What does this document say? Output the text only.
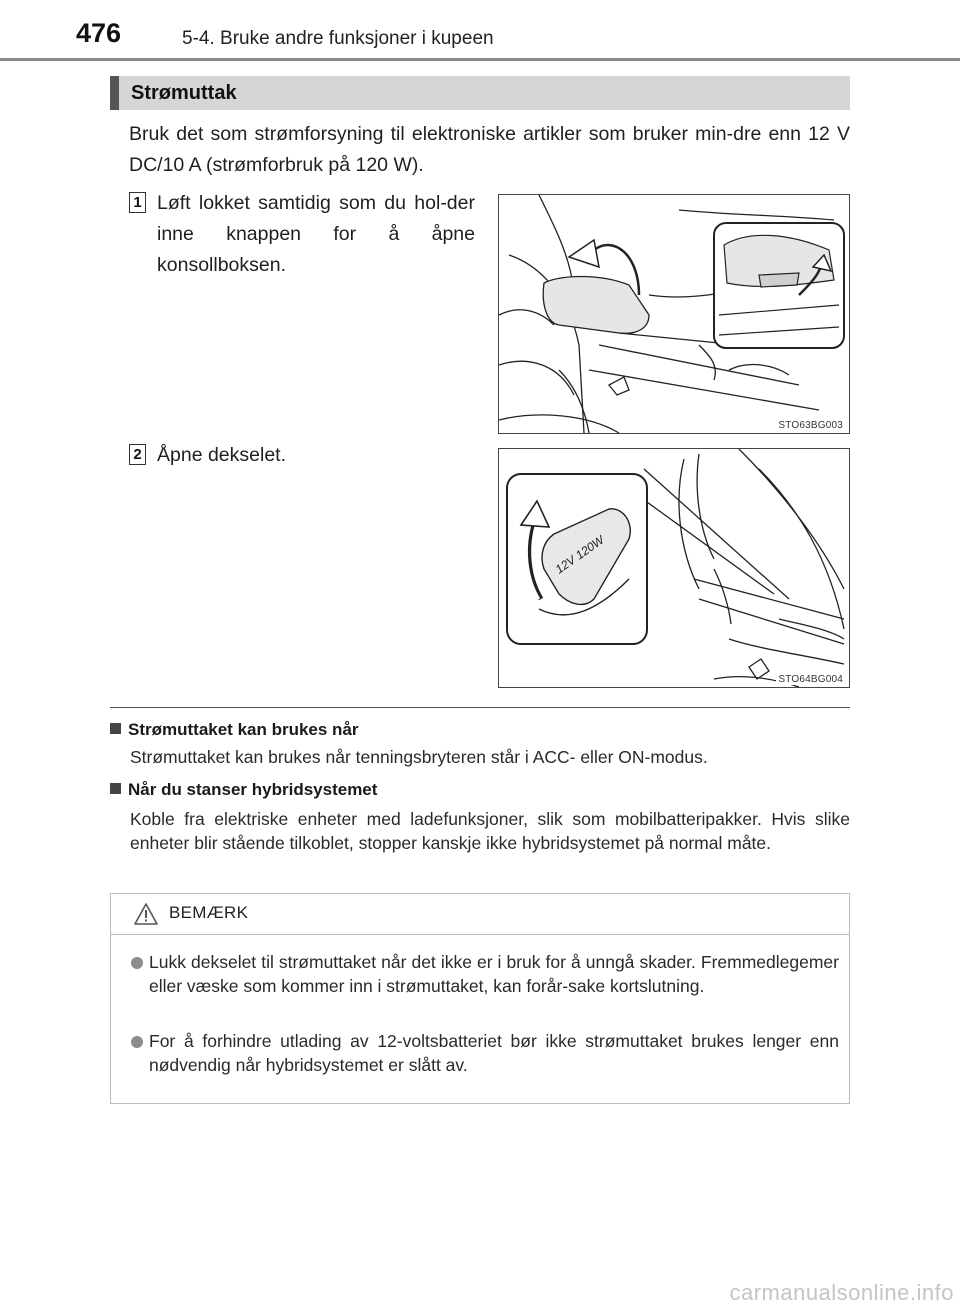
476	5-4. Bruke andre funksjoner i kupeen
Strømuttak
Bruk det som strømforsyning til elektroniske artikler som bruker min-dre enn 12 V DC/10 A (strømforbruk på 120 W).
1 Løft lokket samtidig som du hol-der inne knappen for å åpne konsollboksen.
STO63BG003
2 Åpne dekselet.
12V 120W
STO64BG004
Strømuttaket kan brukes når
Strømuttaket kan brukes når tenningsbryteren står i ACC- eller ON-modus.
Når du stanser hybridsystemet
Koble fra elektriske enheter med ladefunksjoner, slik som mobilbatteripakker. Hvis slike enheter blir stående tilkoblet, stopper kanskje ikke hybridsystemet på normal måte.
BEMÆRK
Lukk dekselet til strømuttaket når det ikke er i bruk for å unngå skader. Fremmedlegemer eller væske som kommer inn i strømuttaket, kan forår-sake kortslutning.
For å forhindre utlading av 12-voltsbatteriet bør ikke strømuttaket brukes lenger enn nødvendig når hybridsystemet er slått av.
carmanualsonline.info
